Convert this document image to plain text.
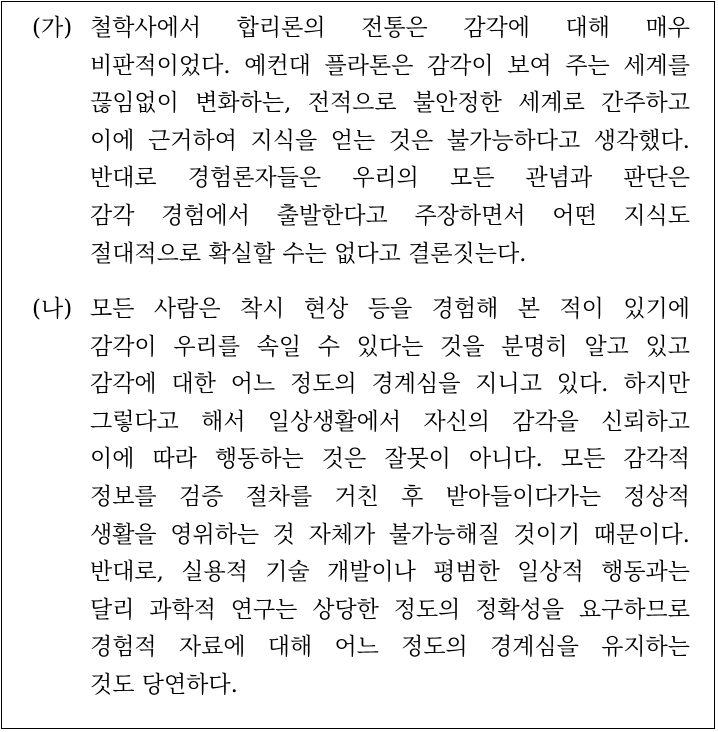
(가) 철학사에서 합리론의 전통은 감각에 대해 매우
비판적이었다. 예컨대 플라톤은 감각이 보여 주는 세계를
끊임없이 변화하는, 전적으로 불안정한 세계로 간주하고
이에 근거하여 지식을 얻는 것은 불가능하다고 생각했다.
반대로 경험론자들은 우리의 모든 관념과 판단은
감각 경험에서 출발한다고 주장하면서 어떤 지식도
절대적으로 확실할 수는 없다고 결론짓는다.
(나) 모든 사람은 착시 현상 등을 경험해 본 적이 있기에
감각이 우리를 속일 수 있다는 것을 분명히 알고 있고
감각에 대한 어느 정도의 경계심을 지니고 있다. 하지만
그렇다고 해서 일상생활에서 자신의 감각을 신뢰하고
이에 따라 행동하는 것은 잘못이 아니다. 모든 감각적
정보를 검증 절차를 거친 후 받아들이다가는 정상적
생활을 영위하는 것 자체가 불가능해질 것이기 때문이다.
반대로, 실용적 기술 개발이나 평범한 일상적 행동과는
달리 과학적 연구는 상당한 정도의 정확성을 요구하므로
경험적 자료에 대해 어느 정도의 경계심을 유지하는
것도 당연하다.
